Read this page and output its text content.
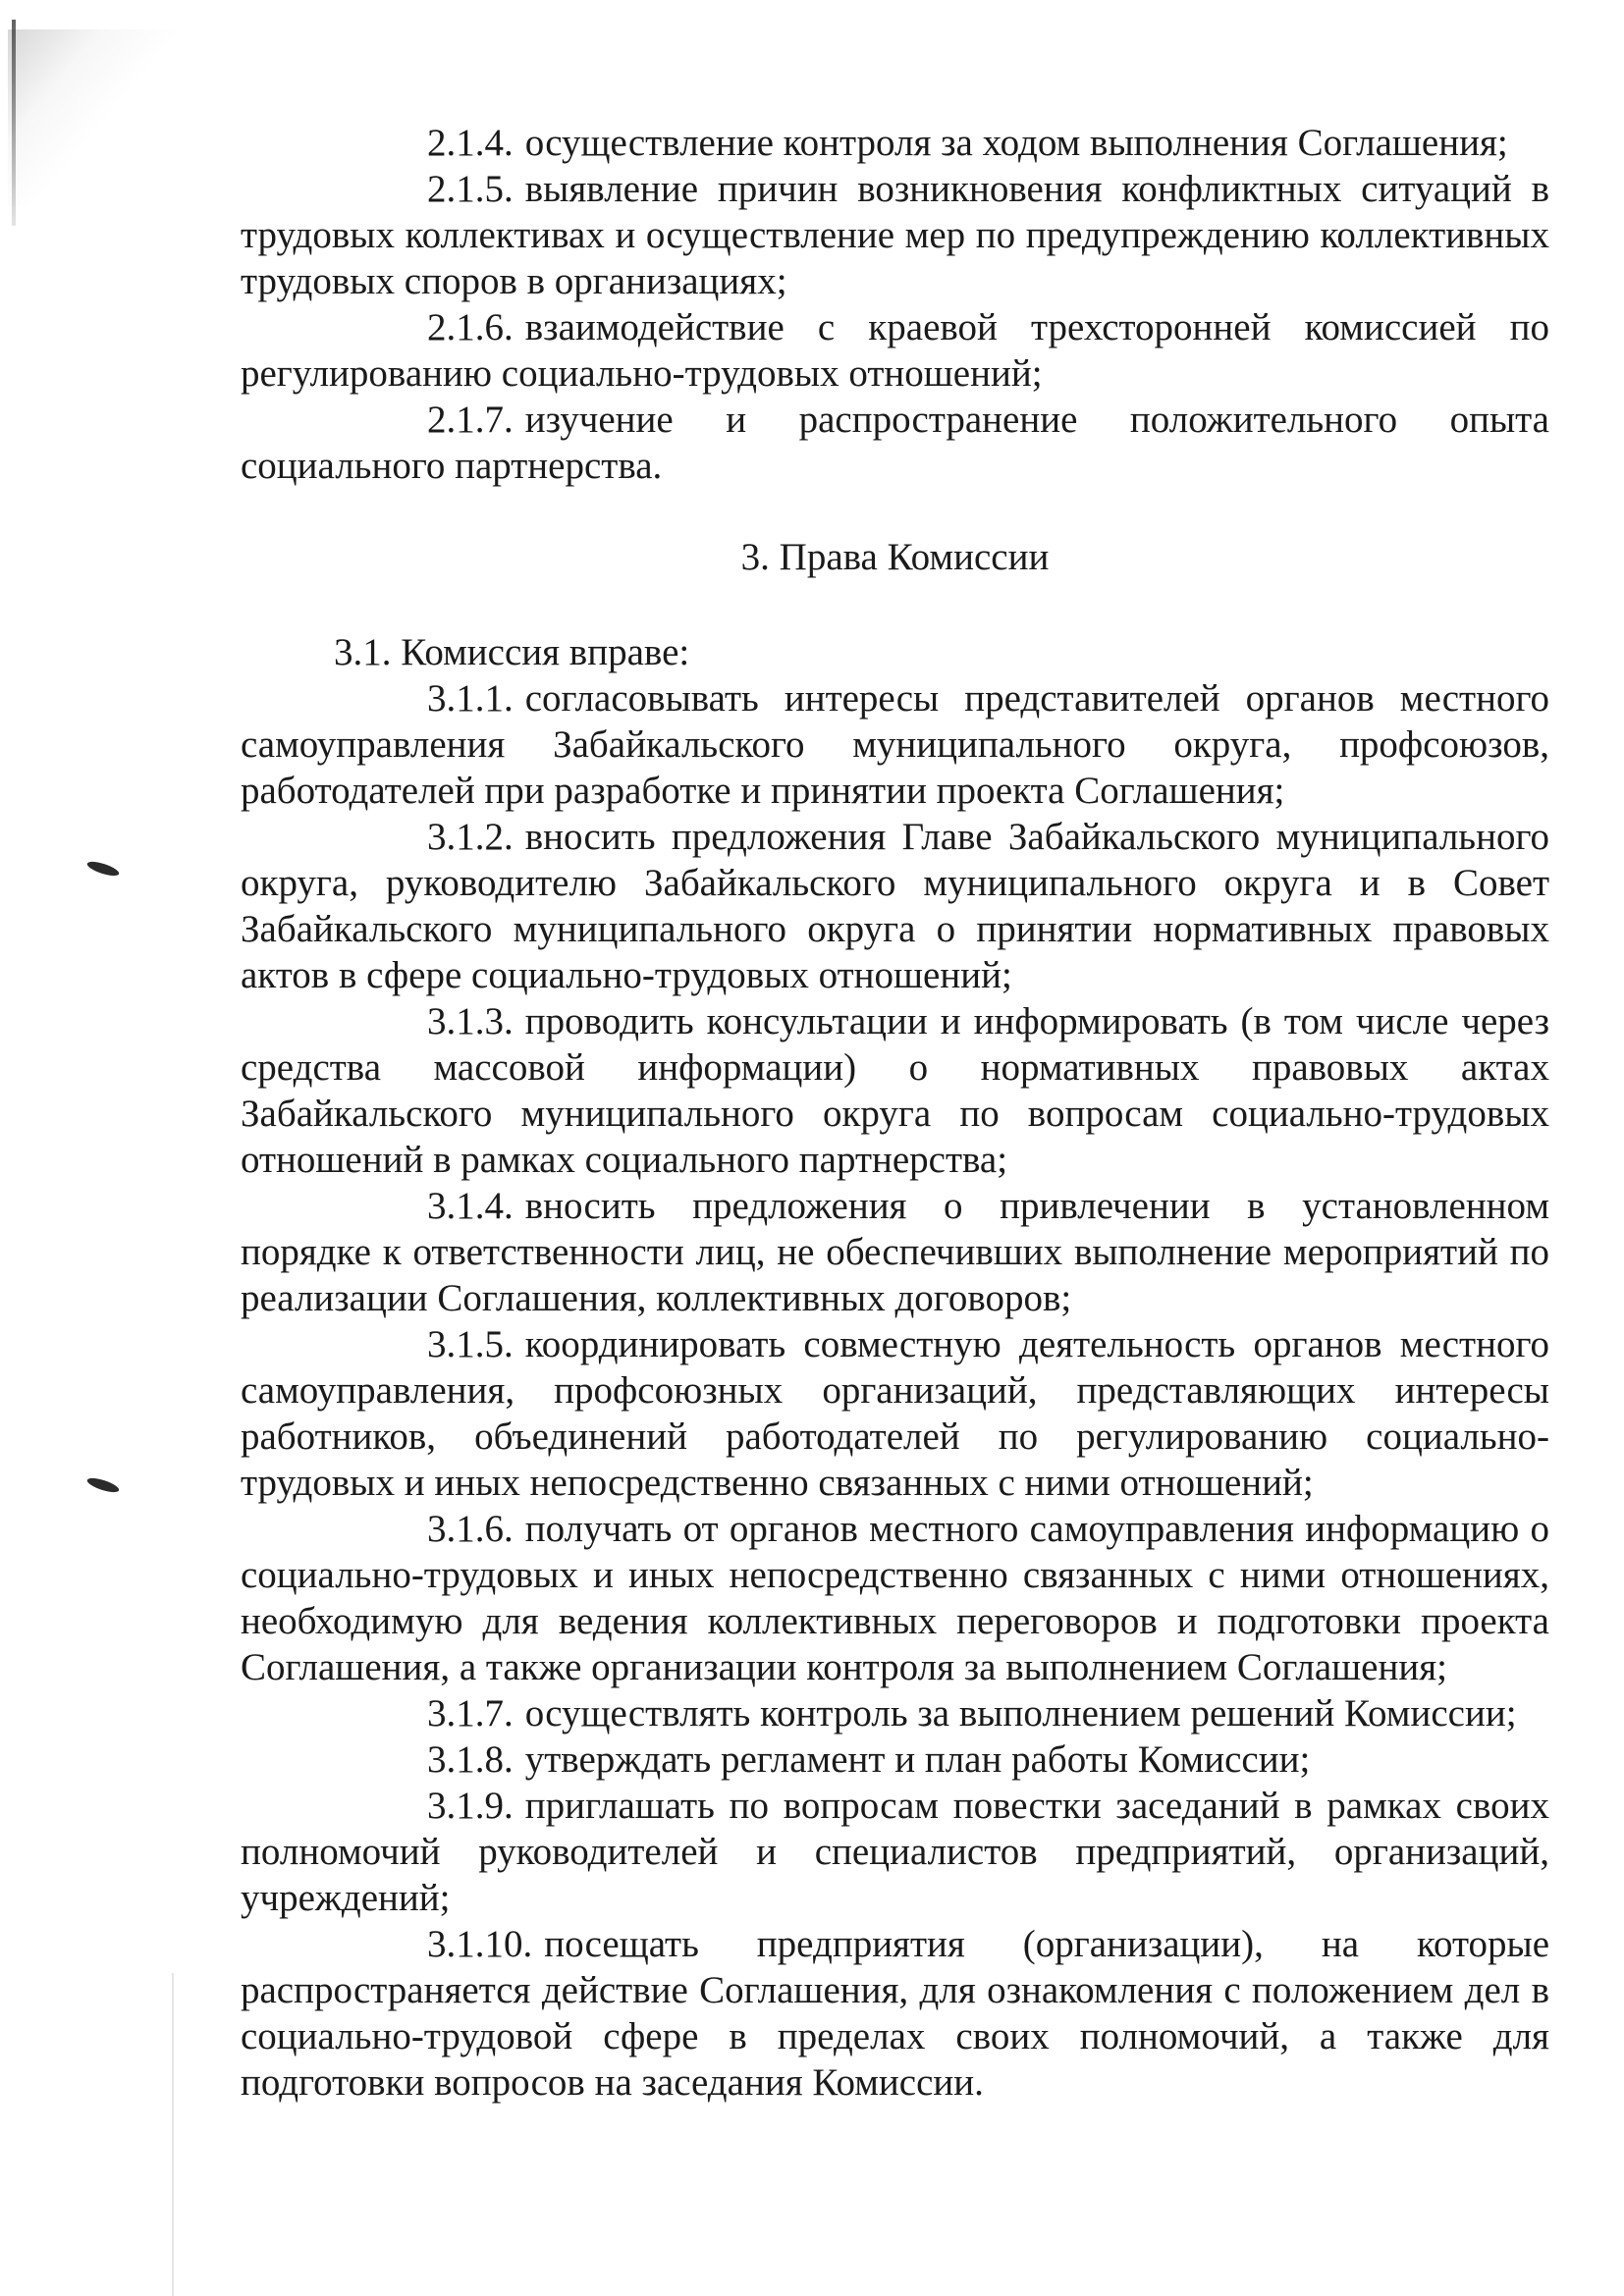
2.1.4. осуществление контроля за ходом выполнения Соглашения;

2.1.5. выявление причин возникновения конфликтных ситуаций в трудовых коллективах и осуществление мер по предупреждению коллективных трудовых споров в организациях;

2.1.6. взаимодействие с краевой трехсторонней комиссией по регулированию социально-трудовых отношений;

2.1.7. изучение и распространение положительного опыта социального партнерства.

3. Права Комиссии

3.1. Комиссия вправе:

3.1.1. согласовывать интересы представителей органов местного самоуправления Забайкальского муниципального округа, профсоюзов, работодателей при разработке и принятии проекта Соглашения;

3.1.2. вносить предложения Главе Забайкальского муниципального округа, руководителю Забайкальского муниципального округа и в Совет Забайкальского муниципального округа о принятии нормативных правовых актов в сфере социально-трудовых отношений;

3.1.3. проводить консультации и информировать (в том числе через средства массовой информации) о нормативных правовых актах Забайкальского муниципального округа по вопросам социально-трудовых отношений в рамках социального партнерства;

3.1.4. вносить предложения о привлечении в установленном порядке к ответственности лиц, не обеспечивших выполнение мероприятий по реализации Соглашения, коллективных договоров;

3.1.5. координировать совместную деятельность органов местного самоуправления, профсоюзных организаций, представляющих интересы работников, объединений работодателей по регулированию социально-трудовых и иных непосредственно связанных с ними отношений;

3.1.6. получать от органов местного самоуправления информацию о социально-трудовых и иных непосредственно связанных с ними отношениях, необходимую для ведения коллективных переговоров и подготовки проекта Соглашения, а также организации контроля за выполнением Соглашения;

3.1.7. осуществлять контроль за выполнением решений Комиссии;

3.1.8. утверждать регламент и план работы Комиссии;

3.1.9. приглашать по вопросам повестки заседаний в рамках своих полномочий руководителей и специалистов предприятий, организаций, учреждений;

3.1.10. посещать предприятия (организации), на которые распространяется действие Соглашения, для ознакомления с положением дел в социально-трудовой сфере в пределах своих полномочий, а также для подготовки вопросов на заседания Комиссии.
